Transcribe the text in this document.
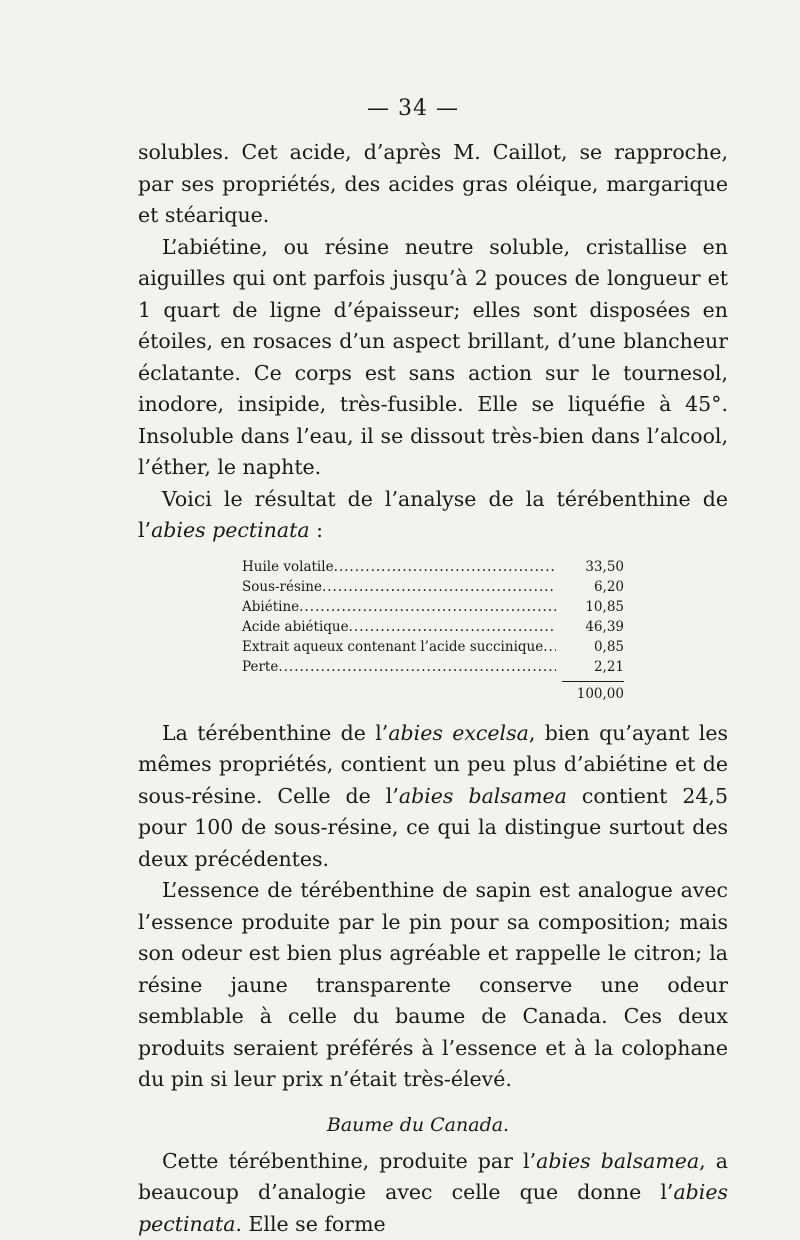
— 34 —

solubles. Cet acide, d’après M. Caillot, se rapproche, par ses propriétés, des acides gras oléique, margarique et stéarique.

L’abiétine, ou résine neutre soluble, cristallise en aiguilles qui ont parfois jusqu’à 2 pouces de longueur et 1 quart de ligne d’épaisseur; elles sont disposées en étoiles, en rosaces d’un aspect brillant, d’une blancheur éclatante. Ce corps est sans action sur le tournesol, inodore, insipide, très-fusible. Elle se liquéfie à 45°. Insoluble dans l’eau, il se dissout très-bien dans l’alcool, l’éther, le naphte.

Voici le résultat de l’analyse de la térébenthine de l’abies pectinata :

Huile volatile .....	33,50
Sous-résine .....	6,20
Abiétine .....	10,85
Acide abiétique .....	46,39
Extrait aqueux contenant l’acide succinique .....	0,85
Perte .....	2,21
100,00

La térébenthine de l’abies excelsa, bien qu’ayant les mêmes propriétés, contient un peu plus d’abiétine et de sous-résine. Celle de l’abies balsamea contient 24,5 pour 100 de sous-résine, ce qui la distingue surtout des deux précédentes.

L’essence de térébenthine de sapin est analogue avec l’essence produite par le pin pour sa composition; mais son odeur est bien plus agréable et rappelle le citron; la résine jaune transparente conserve une odeur semblable à celle du baume de Canada. Ces deux produits seraient préférés à l’essence et à la colophane du pin si leur prix n’était très-élevé.

Baume du Canada.

Cette térébenthine, produite par l’abies balsamea, a beaucoup d’analogie avec celle que donne l’abies pectinata. Elle se forme
